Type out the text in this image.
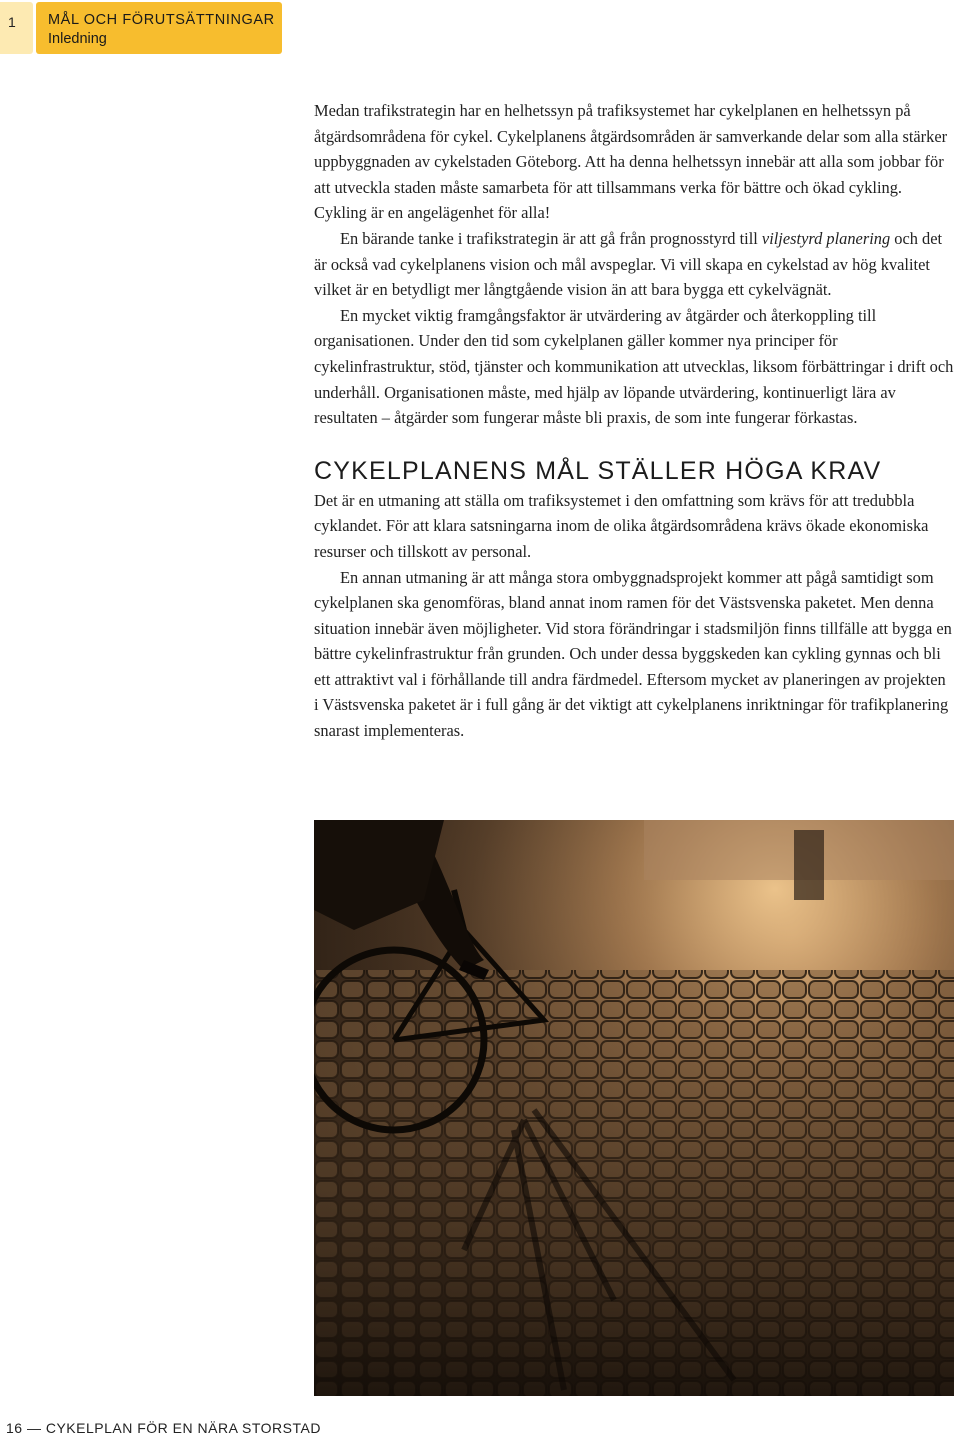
1	MÅL OCH FÖRUTSÄTTNINGAR
Inledning

Medan trafikstrategin har en helhetssyn på trafiksystemet har cykelplanen en helhetssyn på åtgärdsområdena för cykel. Cykelplanens åtgärdsområden är samverkande delar som alla stärker uppbyggnaden av cykelstaden Göteborg. Att ha denna helhetssyn innebär att alla som jobbar för att utveckla staden måste samarbeta för att tillsammans verka för bättre och ökad cykling. Cykling är en angelägenhet för alla!

En bärande tanke i trafikstrategin är att gå från prognosstyrd till viljestyrd planering och det är också vad cykelplanens vision och mål avspeglar. Vi vill skapa en cykelstad av hög kvalitet vilket är en betydligt mer långtgående vision än att bara bygga ett cykelvägnät.

En mycket viktig framgångsfaktor är utvärdering av åtgärder och återkoppling till organisationen. Under den tid som cykelplanen gäller kommer nya principer för cykelinfrastruktur, stöd, tjänster och kommunikation att utvecklas, liksom förbättringar i drift och underhåll. Organisationen måste, med hjälp av löpande utvärdering, kontinuerligt lära av resultaten – åtgärder som fungerar måste bli praxis, de som inte fungerar förkastas.

CYKELPLANENS MÅL STÄLLER HÖGA KRAV

Det är en utmaning att ställa om trafiksystemet i den omfattning som krävs för att tredubbla cyklandet. För att klara satsningarna inom de olika åtgärdsområdena krävs ökade ekonomiska resurser och tillskott av personal.

En annan utmaning är att många stora ombyggnadsprojekt kommer att pågå samtidigt som cykelplanen ska genomföras, bland annat inom ramen för det Västsvenska paketet. Men denna situation innebär även möjligheter. Vid stora förändringar i stadsmiljön finns tillfälle att bygga en bättre cykelinfrastruktur från grunden. Och under dessa byggskeden kan cykling gynnas och bli ett attraktivt val i förhållande till andra färdmedel. Eftersom mycket av planeringen av projekten i Västsvenska paketet är i full gång är det viktigt att cykelplanens inriktningar för trafikplanering snarast implementeras.

16 — CYKELPLAN FÖR EN NÄRA STORSTAD
